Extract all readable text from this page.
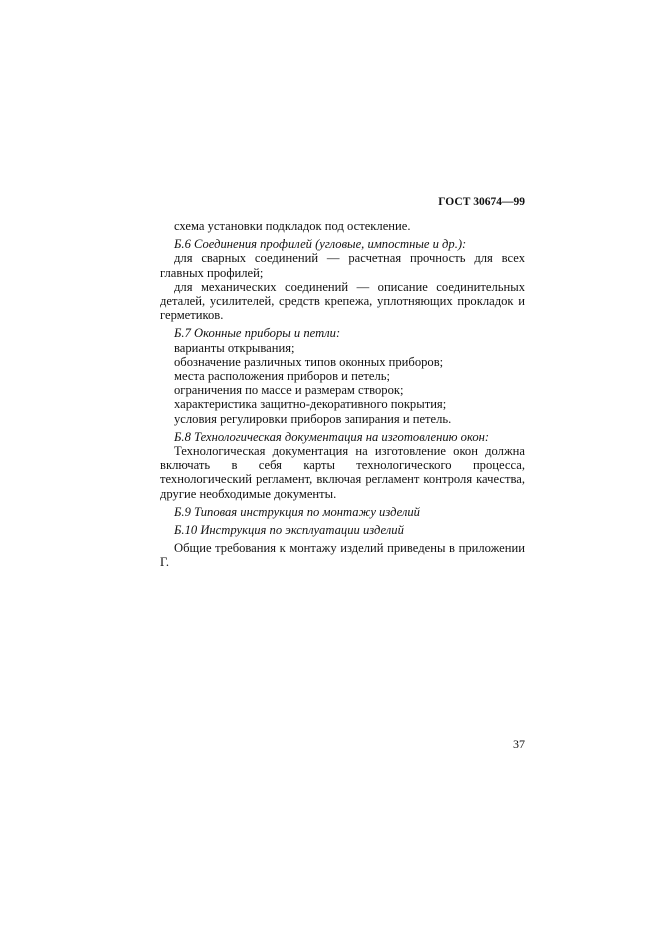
ГОСТ 30674—99

схема установки подкладок под остекление.

Б.6 Соединения профилей (угловые, импостные и др.):

для сварных соединений — расчетная прочность для всех главных профилей;

для механических соединений — описание соединительных деталей, усилителей, средств крепежа, уплотняющих прокладок и герметиков.

Б.7 Оконные приборы и петли:

варианты открывания;

обозначение различных типов оконных приборов;

места расположения приборов и петель;

ограничения по массе и размерам створок;

характеристика защитно-декоративного покрытия;

условия регулировки приборов запирания и петель.

Б.8 Технологическая документация на изготовлению окон:

Технологическая документация на изготовление окон должна включать в себя карты технологического процесса, технологический регламент, включая регламент контроля качества, другие необходимые документы.

Б.9 Типовая инструкция по монтажу изделий

Б.10 Инструкция по эксплуатации изделий

Общие требования к монтажу изделий приведены в приложении Г.

37
